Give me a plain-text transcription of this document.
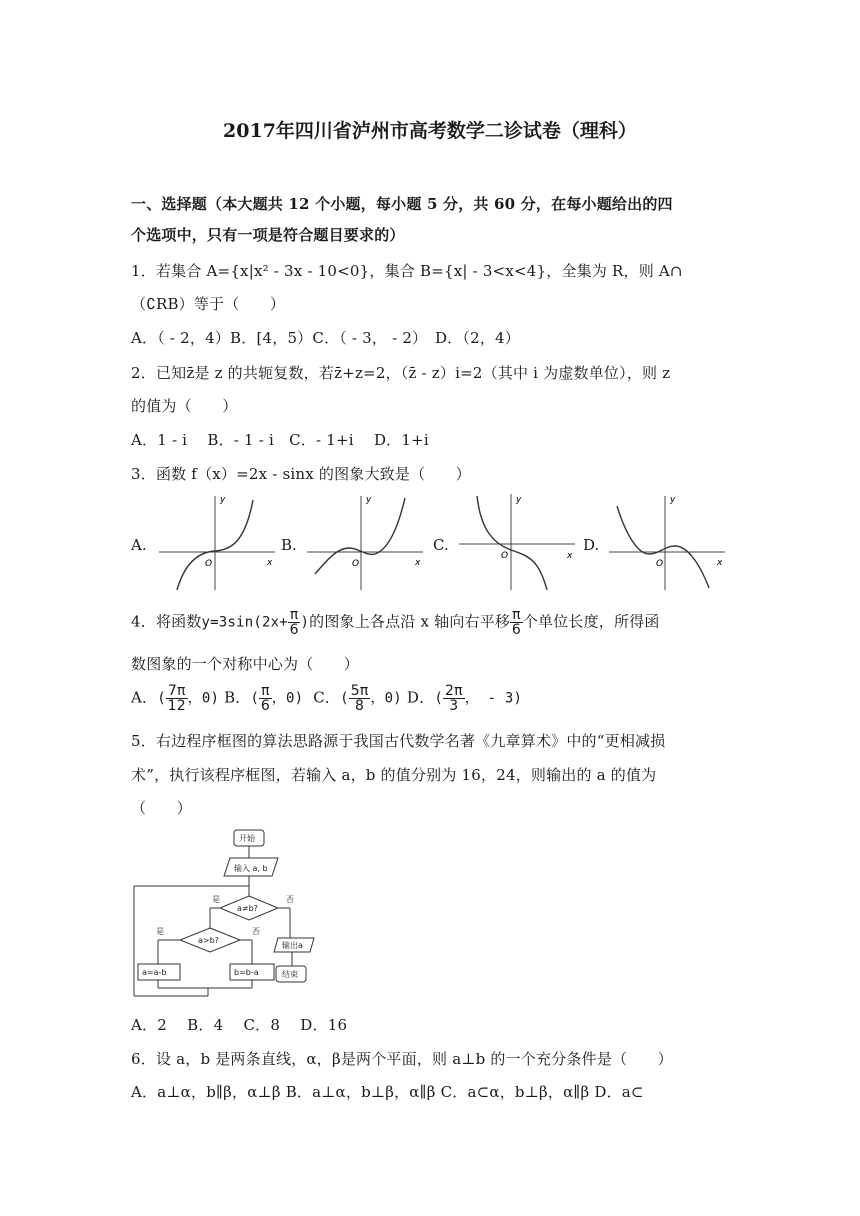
2017年四川省泸州市高考数学二诊试卷（理科）
一、选择题（本大题共 12 个小题，每小题 5 分，共 60 分，在每小题给出的四
个选项中，只有一项是符合题目要求的）
1．若集合 A={x|x² - 3x - 10<0}，集合 B={x| - 3<x<4}，全集为 R，则 A∩
（∁RB）等于（　　）
A．（ - 2，4）B．[4，5）C．（ - 3， - 2）　D．（2，4）
2．已知z̄是 z 的共轭复数，若z̄+z=2，（z̄ - z）i=2（其中 i 为虚数单位），则 z
的值为（　　）
A．1 - i　 B．- 1 - i　C．- 1+i　 D．1+i
3．函数 f（x）=2x - sinx 的图象大致是（　　）
A.
y
x
O
B.
y
x
O
C.
y
x
O
D.
y
x
O
4．将函数$y=3\sin(2x+ \frac{\pi}{6}$ )的图象上各点沿 x 轴向右平移 $\frac{\pi}{6}$ 个单位长度，所得函
数图象的一个对称中心为（　　）
A．( $\frac{7\pi}{12}$ ，0) B．( $\frac{\pi}{6}$ ，0) C．( $\frac{5\pi}{8}$ ，0) D．( $\frac{2\pi}{3}$ ， - 3)
5．右边程序框图的算法思路源于我国古代数学名著《九章算术》中的“更相减损
术”，执行该程序框图，若输入 a，b 的值分别为 16，24，则输出的 a 的值为
（　　）
开始
输入 a, b
a≠b?
是	否
a>b?
是	否
a=a-b	b=b-a
输出a
结束
A．2　 B．4　 C．8　 D．16
6．设 a，b 是两条直线，α，β是两个平面，则 a⊥b 的一个充分条件是（　　）
A．a⊥α，b∥β，α⊥β B．a⊥α，b⊥β，α∥β C．a⊂α，b⊥β，α∥β D．a⊂
